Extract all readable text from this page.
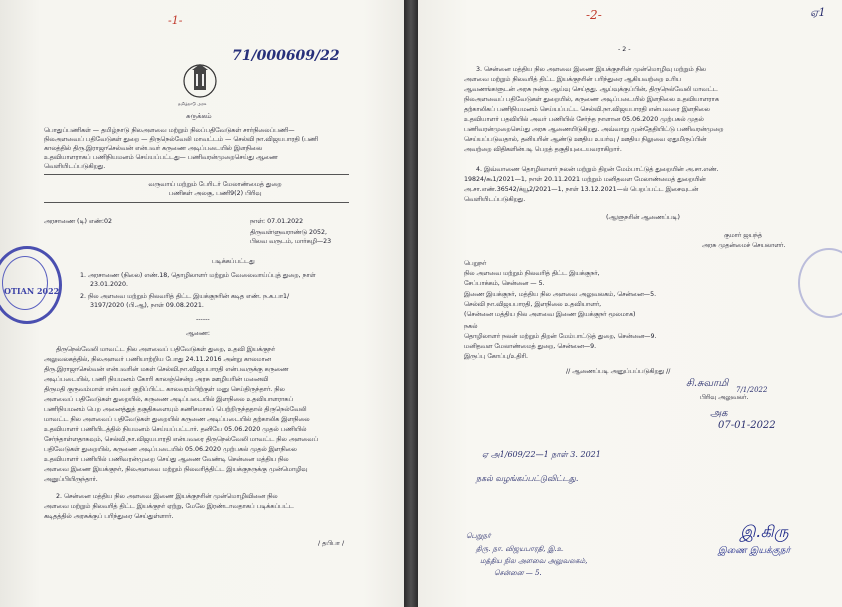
-1-
71/000609/22
தமிழ்நாடு அரசு
சுருக்கம்
பொதுப்பணிகள் — தமிழ்நாடு நிலஅளவை மற்றும் நிலப்பதிவேடுகள் சார்நிலைப்பணி—
நிலஅளவைப் பதிவேடுகள் துறை — திருநெல்வேலி மாவட்டம் — செல்வி நா.விஜயபாரதி (பணி
காலத்தில் திரு.இராஜாசெல்வன் என்பவர் கருணை அடிப்படையில் இளநிலை
உதவியாளராகப் பணிநியமனம் செய்யப்பட்டது— பணிவரன்முறைசெய்து ஆணை
வெளியிடப்படுகிறது.
வருவாய் மற்றும் பேரிடர் மேலாண்மைத் துறை
பணிகள் அலகு, பணி9(2) பிரிவு
அரசாணை (டி) எண்:02	நாள்: 07.01.2022
திருவள்ளுவராண்டு 2052,
பிலவ வருடம், மார்கழி—23
படிக்கப்பட்டது
1. அரசாணை (நிலை) எண்.18, தொழிலாளர் மற்றும் வேலைவாய்ப்புத் துறை, நாள்
23.01.2020.
2. நில அளவை மற்றும் நிலவரித் திட்ட இயக்குநரின் கடித எண். ந.க.பா1/
3197/2020 (பி.ஆ), நாள் 09.08.2021.
------
ஆணை:
திருநெல்வேலி மாவட்ட நில அளவைப் பதிவேடுகள் துறை, உதவி இயக்குநர்
அலுவலகத்தில், நிலஅளவர் பணியாற்றிய போது 24.11.2016 அன்று காலமான
திரு.இராஜாசெல்வன் என்பவரின் மகள் செல்வி.நா.விஜயபாரதி என்பவருக்கு கருணை
அடிப்படையில், பணி நியமனம் கோரி காலஞ்சென்ற அரசு ஊழியரின் மனைவி
திருமதி குருவம்மாள் என்பவர் குறிப்பிட்ட காலவரம்பிற்குள் மனு செய்திருந்தார். நில
அளவைப் பதிவேடுகள் துறையில், கருணை அடிப்படையில் இளநிலை உதவியாளராகப்
பணிநியமனம் பெற அனைத்துத் தகுதிகளையும் கணிசமாகப் பெற்றிருந்ததால் திருநெல்வேலி
மாவட்ட நில அளவைப் பதிவேடுகள் துறையில் கருணை அடிப்படையில் தற்காலிக இளநிலை
உதவியாளர் பணியிடத்தில் நியமனம் செய்யப்பட்டார். தனியே 05.06.2020 முதல் பணியில்
சேர்ந்தாள்ளதாகவும், செல்வி.நா.விஜயபாரதி என்பவரை திருநெல்வேலி மாவட்ட நில அளவைப்
பதிவேடுகள் துறையில், கருணை அடிப்படையில் 05.06.2020 முற்பகல் முதல் இளநிலை
உதவியாளர் பணியில் பணிவரன்முறை செய்து ஆணை வேண்டி சென்னை மத்திய நில
அளவை இணை இயக்குநர், நிலஅளவை மற்றும் நிலவரித்திட்ட இயக்குநருக்கு முன்மொழிவு
அனுப்பியிருந்தார்.
2. சென்னை மத்திய நில அளவை இணை இயக்குநரின் முன்மொழிவினை நில
அளவை மற்றும் நிலவரித் திட்ட இயக்குநர் ஏற்று, மேலே இரண்டாவதாகப் படிக்கப்பட்ட
கடிதத்தில் அரசுக்குப் பரிந்துரை செய்துள்ளார்.
/ தபிபா /
OTIAN 2022
-2-	ஏ1
- 2 -
3. சென்னை மத்திய நில அளவை இணை இயக்குநரின் முன்மொழிவு மற்றும் நில
அளவை மற்றும் நிலவரித் திட்ட இயக்குநரின் பரிந்துரை ஆகியவற்றை உரிய
ஆவணங்களுடன் அரசு நன்கு ஆய்வு செய்தது. ஆய்வுக்குப்பின், திருநெல்வேலி மாவட்ட
நிலஅளவைப் பதிவேடுகள் துறையில், கருணை அடிப்படையில் இளநிலை உதவியாளராக
தற்காலிகப் பணிநியமனம் செய்யப்பட்ட செல்வி.நா.விஜயபாரதி என்பவரை இளநிலை
உதவியாளர் பதவியில் அவர் பணியில் சேர்ந்த நாளான 05.06.2020 முற்பகல் முதல்
பணிவரன்முறைசெய்து அரசு ஆணையிடுகிறது. அவ்வாறு முன்தேதியிட்டு பணிவரன்முறை
செய்யப்படுவதால், தனியரின் ஆண்டு ஊதிய உயர்வு / ஊதிய நிலுவை ஏதுமிருப்பின்
அவற்றை விதிகளின்படி பெறத் தகுதியுடையவராகிறார்.
4. இவ்வாணை தொழிலாளர் நலன் மற்றும் திறன் மேம்பாட்டுத் துறையின் அ.சா.எண்.
19824/கூ1/2021—1, நாள் 20.11.2021 மற்றும் மனிதவள மேலாண்மைத் துறையின்
அ.சா.எண்.36542/க்யூ2/2021—1, நாள் 13.12.2021—ல் பெறப்பட்ட இசைவுடன்
வெளியிடப்படுகிறது.
(ஆளுநரின் ஆணைப்படி)
குமார் ஜயந்த்
அரசு முதன்மைச் செயலாளர்.
பெறுநர்
நில அளவை மற்றும் நிலவரித் திட்ட இயக்குநர்,
சேப்பாக்கம், சென்னை — 5.
இணை இயக்குநர், மத்திய நில அளவை அலுவலகம், சென்னை—5.
செல்வி நா.விஜயபாரதி, இளநிலை உதவியாளர்,
(சென்னை மத்திய நில அளவை இணை இயக்குநர் மூலமாக)
நகல்
தொழிலாளர் நலன் மற்றும் திறன் மேம்பாட்டுத் துறை, சென்னை—9.
மனிதவள மேலாண்மைத் துறை, சென்னை—9.
இருப்பு கோப்பு/உதிரி.
// ஆணைப்படி அனுப்பப்படுகிறது //
சி.சுவாமி
7/1/2022
பிரிவு அலுவலர்.
அக
07-01-2022
ஏ அ1/609/22—1 நாள் 3. 2021
நகல் வழங்கப்பட்டுவிட்டது.
பெறுநர்
திரு. நா. விஜயபாரதி, இ.உ
மத்திய நில அளவை அலுவலகம்,
சென்னை — 5.
இ.கிரு
இணை இயக்குநர்
